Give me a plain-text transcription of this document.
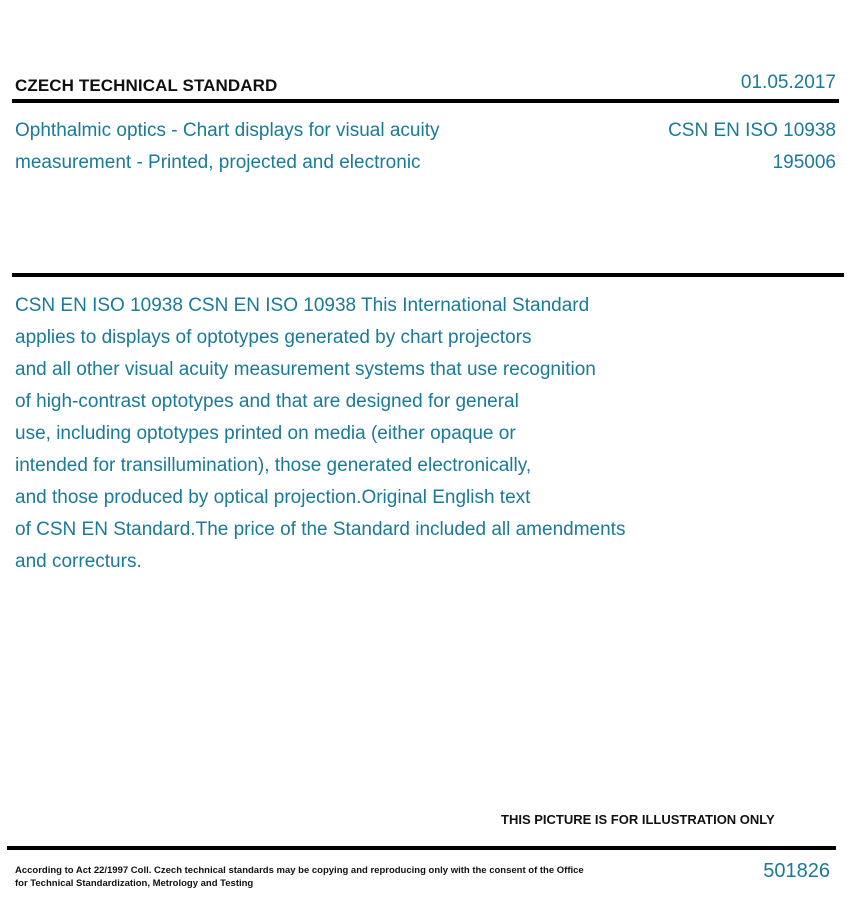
CZECH TECHNICAL STANDARD	01.05.2017
Ophthalmic optics - Chart displays for visual acuity
measurement - Printed, projected and electronic
CSN EN ISO 10938
195006
CSN EN ISO 10938 CSN EN ISO 10938 This International Standard
applies to displays of optotypes generated by chart projectors
and all other visual acuity measurement systems that use recognition
of high-contrast optotypes and that are designed for general
use, including optotypes printed on media (either opaque or
intended for transillumination), those generated electronically,
and those produced by optical projection.Original English text
of CSN EN Standard.The price of the Standard included all amendments
and correcturs.
THIS PICTURE IS FOR ILLUSTRATION ONLY
According to Act 22/1997 Coll. Czech technical standards may be copying and reproducing only with the consent of the Office
for Technical Standardization, Metrology and Testing
501826
